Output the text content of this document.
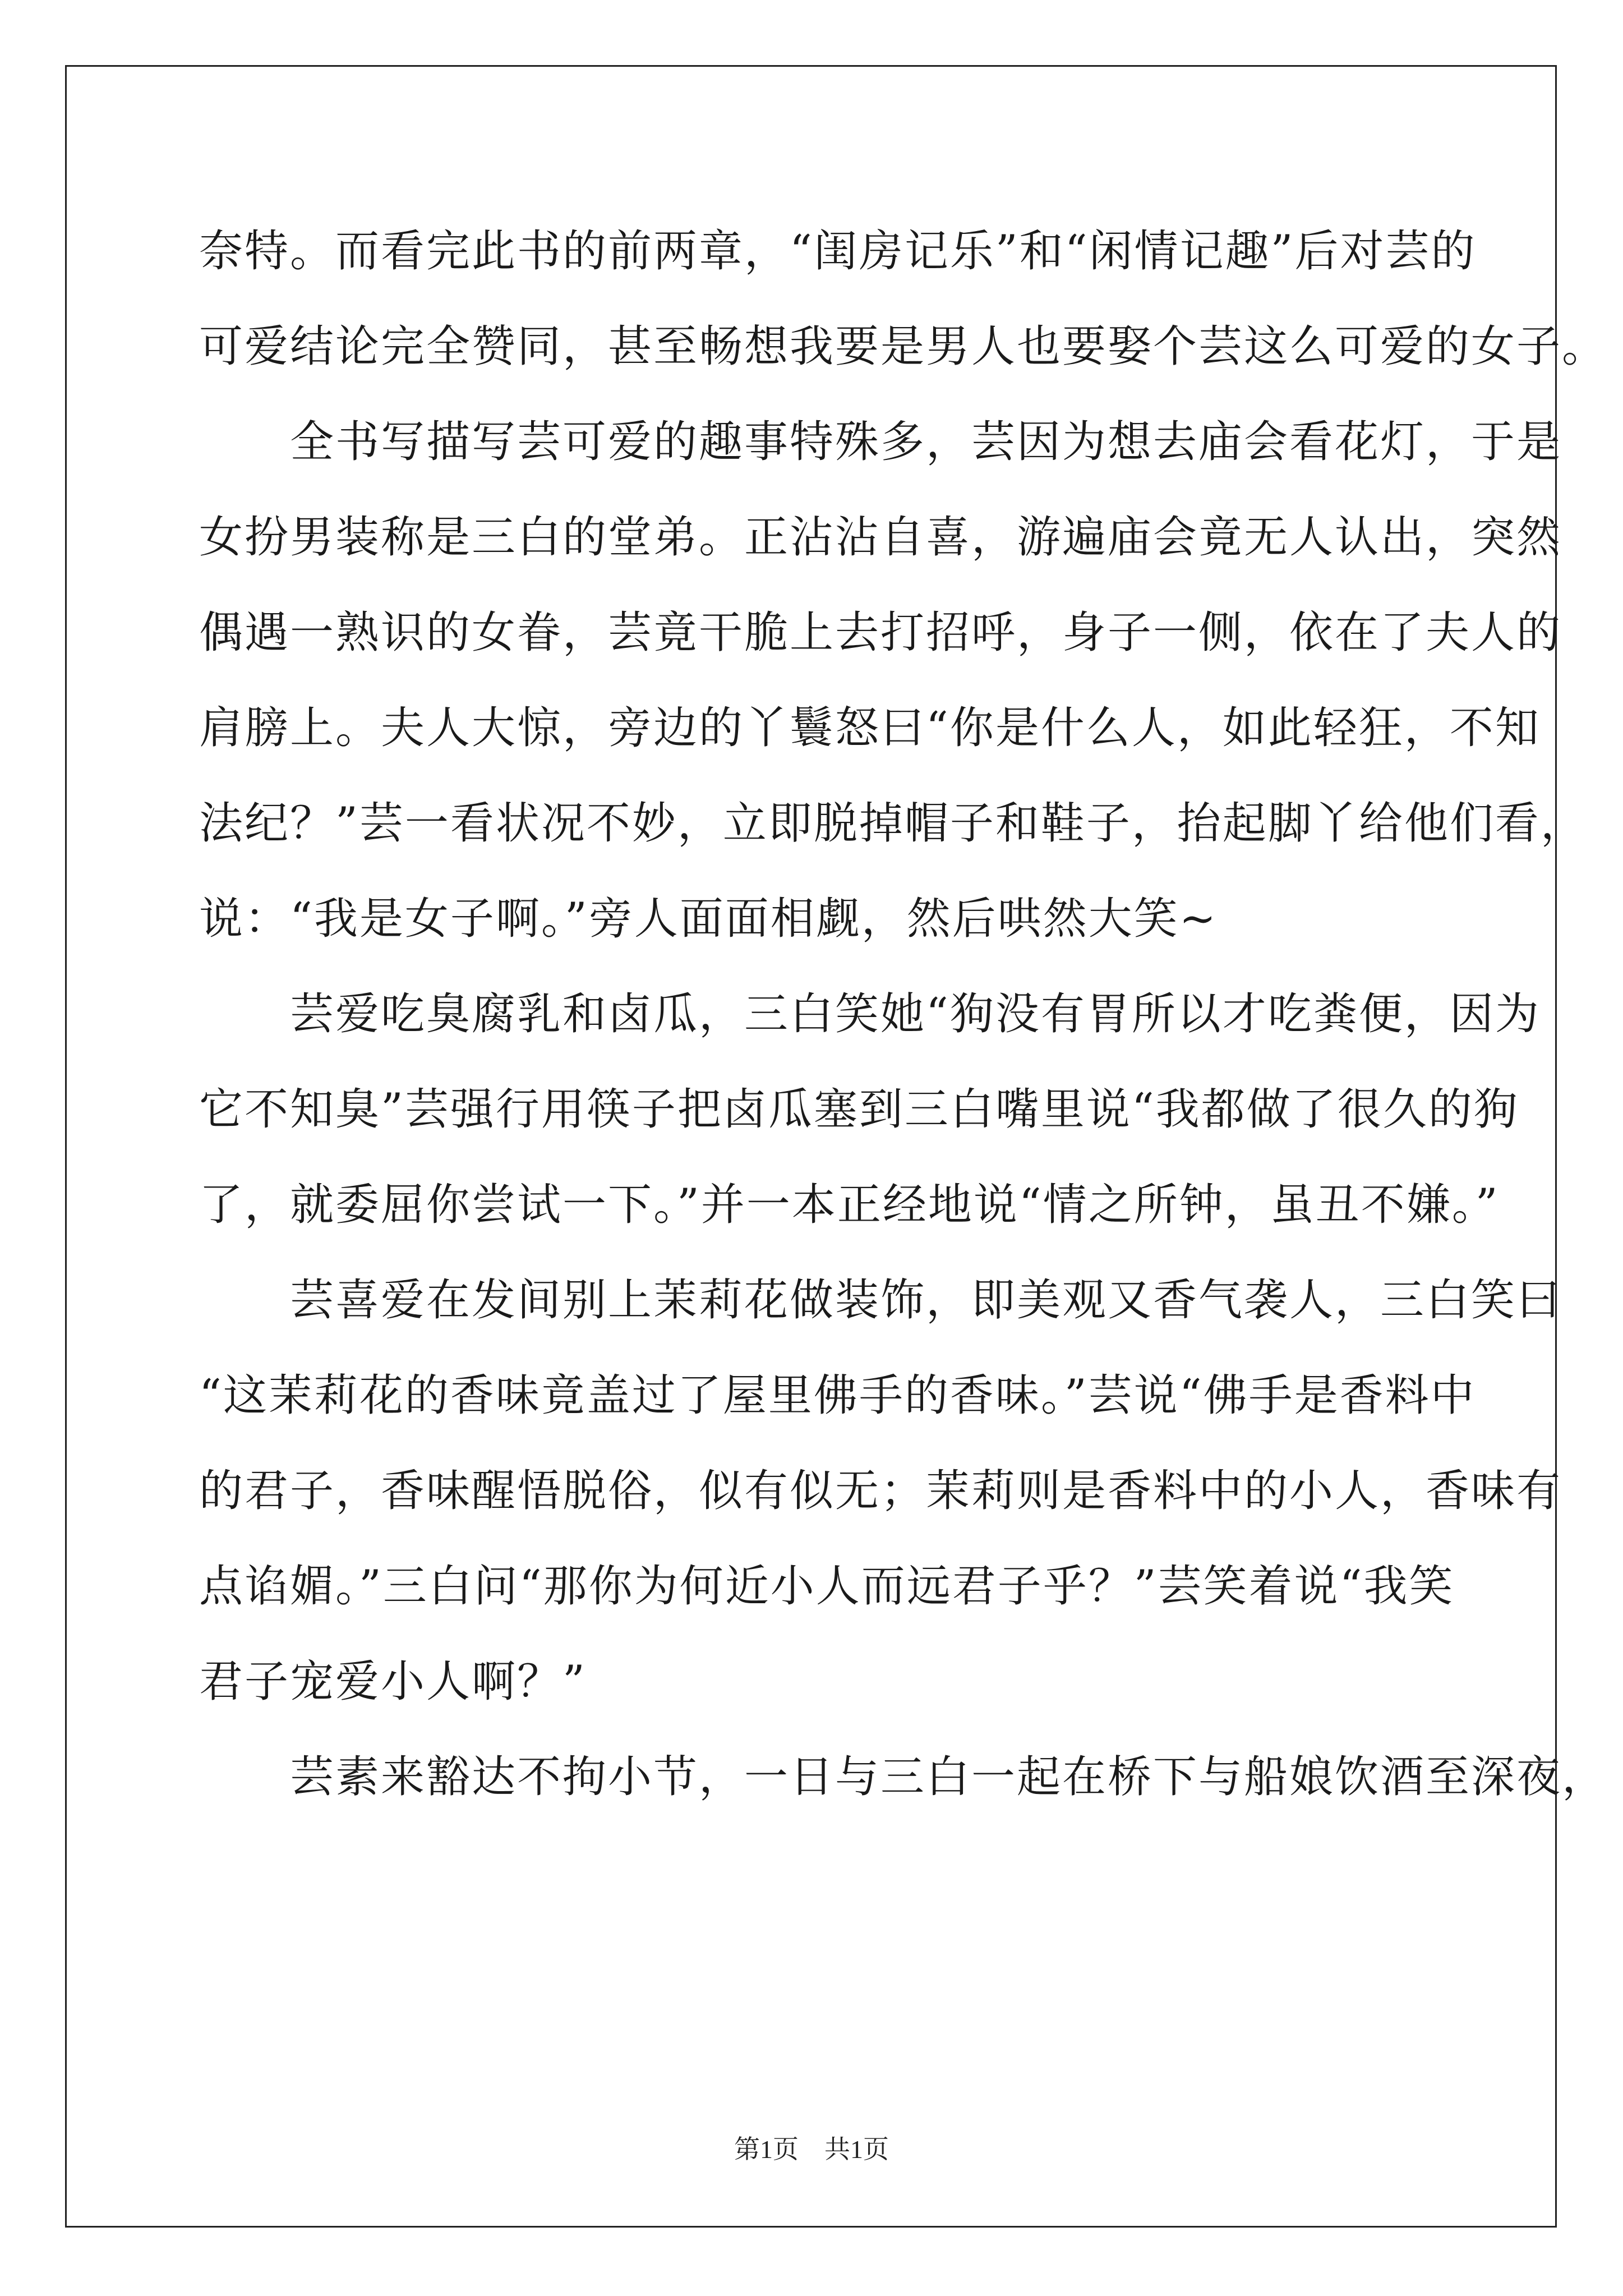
奈特。而看完此书的前两章，“闺房记乐”和“闲情记趣”后对芸的
可爱结论完全赞同，甚至畅想我要是男人也要娶个芸这么可爱的女子。
　　全书写描写芸可爱的趣事特殊多，芸因为想去庙会看花灯，于是
女扮男装称是三白的堂弟。正沾沾自喜，游遍庙会竟无人认出，突然
偶遇一熟识的女眷，芸竟干脆上去打招呼，身子一侧，依在了夫人的
肩膀上。夫人大惊，旁边的丫鬟怒曰“你是什么人，如此轻狂，不知
法纪？”芸一看状况不妙，立即脱掉帽子和鞋子，抬起脚丫给他们看，
说：“我是女子啊。”旁人面面相觑，然后哄然大笑~
　　芸爱吃臭腐乳和卤瓜，三白笑她“狗没有胃所以才吃粪便，因为
它不知臭”芸强行用筷子把卤瓜塞到三白嘴里说“我都做了很久的狗
了，就委屈你尝试一下。”并一本正经地说“情之所钟，虽丑不嫌。”
　　芸喜爱在发间别上茉莉花做装饰，即美观又香气袭人，三白笑曰
“这茉莉花的香味竟盖过了屋里佛手的香味。”芸说“佛手是香料中
的君子，香味醒悟脱俗，似有似无；茉莉则是香料中的小人，香味有
点谄媚。”三白问“那你为何近小人而远君子乎？”芸笑着说“我笑
君子宠爱小人啊？”
　　芸素来豁达不拘小节，一日与三白一起在桥下与船娘饮酒至深夜，
第1页　共1页
